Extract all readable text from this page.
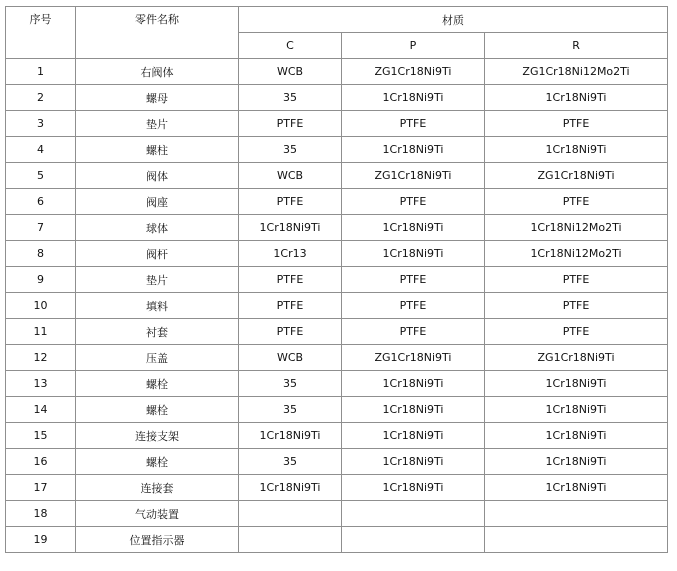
序号	零件名称	材质		
		C	P	R
1	右阀体	WCB	ZG1Cr18Ni9Ti	ZG1Cr18Ni12Mo2Ti
2	螺母	35	1Cr18Ni9Ti	1Cr18Ni9Ti
3	垫片	PTFE	PTFE	PTFE
4	螺柱	35	1Cr18Ni9Ti	1Cr18Ni9Ti
5	阀体	WCB	ZG1Cr18Ni9Ti	ZG1Cr18Ni9Ti
6	阀座	PTFE	PTFE	PTFE
7	球体	1Cr18Ni9Ti	1Cr18Ni9Ti	1Cr18Ni12Mo2Ti
8	阀杆	1Cr13	1Cr18Ni9Ti	1Cr18Ni12Mo2Ti
9	垫片	PTFE	PTFE	PTFE
10	填料	PTFE	PTFE	PTFE
11	衬套	PTFE	PTFE	PTFE
12	压盖	WCB	ZG1Cr18Ni9Ti	ZG1Cr18Ni9Ti
13	螺栓	35	1Cr18Ni9Ti	1Cr18Ni9Ti
14	螺栓	35	1Cr18Ni9Ti	1Cr18Ni9Ti
15	连接支架	1Cr18Ni9Ti	1Cr18Ni9Ti	1Cr18Ni9Ti
16	螺栓	35	1Cr18Ni9Ti	1Cr18Ni9Ti
17	连接套	1Cr18Ni9Ti	1Cr18Ni9Ti	1Cr18Ni9Ti
18	气动装置			
19	位置指示器			
